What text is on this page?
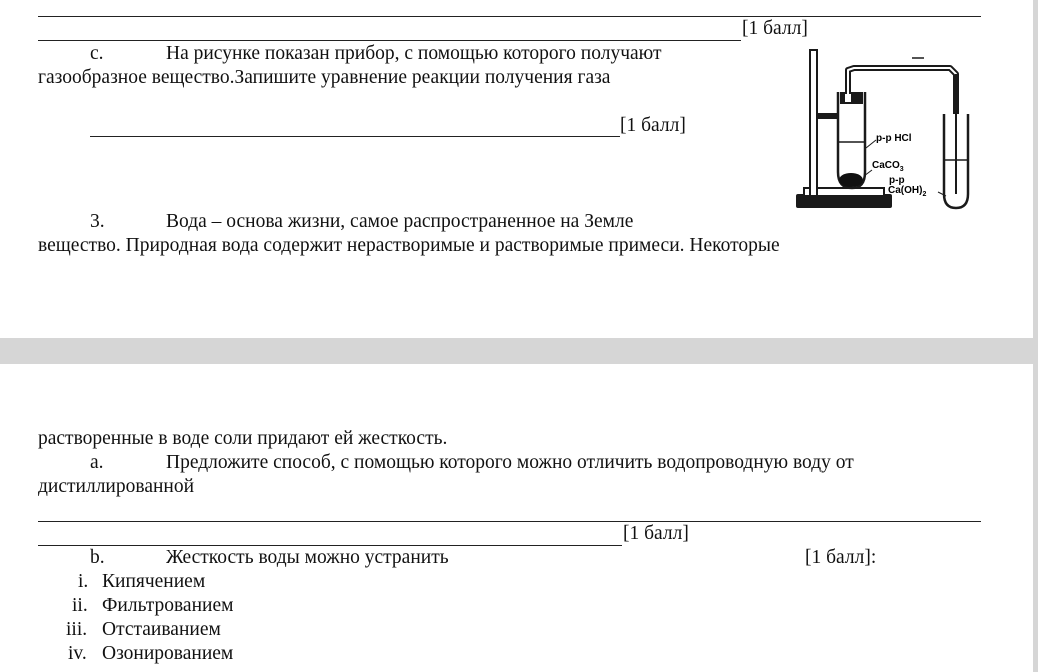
[1 балл]
c.	На рисунке показан прибор, с помощью которого получают
газообразное вещество.Запишите уравнение реакции получения газа
[1 балл]
3.	Вода – основа жизни, самое распространенное на Земле
вещество. Природная вода содержит нерастворимые и растворимые примеси. Некоторые
р-р HCl
CaCO$_3$
р-р
$Ca(OH)_2$
растворенные в воде соли придают ей жесткость.
a.	Предложите способ, с помощью которого можно отличить водопроводную воду от
дистиллированной
[1 балл]
b.	Жесткость воды можно устранить	[1 балл]:
i. Кипячением
ii. Фильтрованием
iii. Отстаиванием
iv. Озонированием
